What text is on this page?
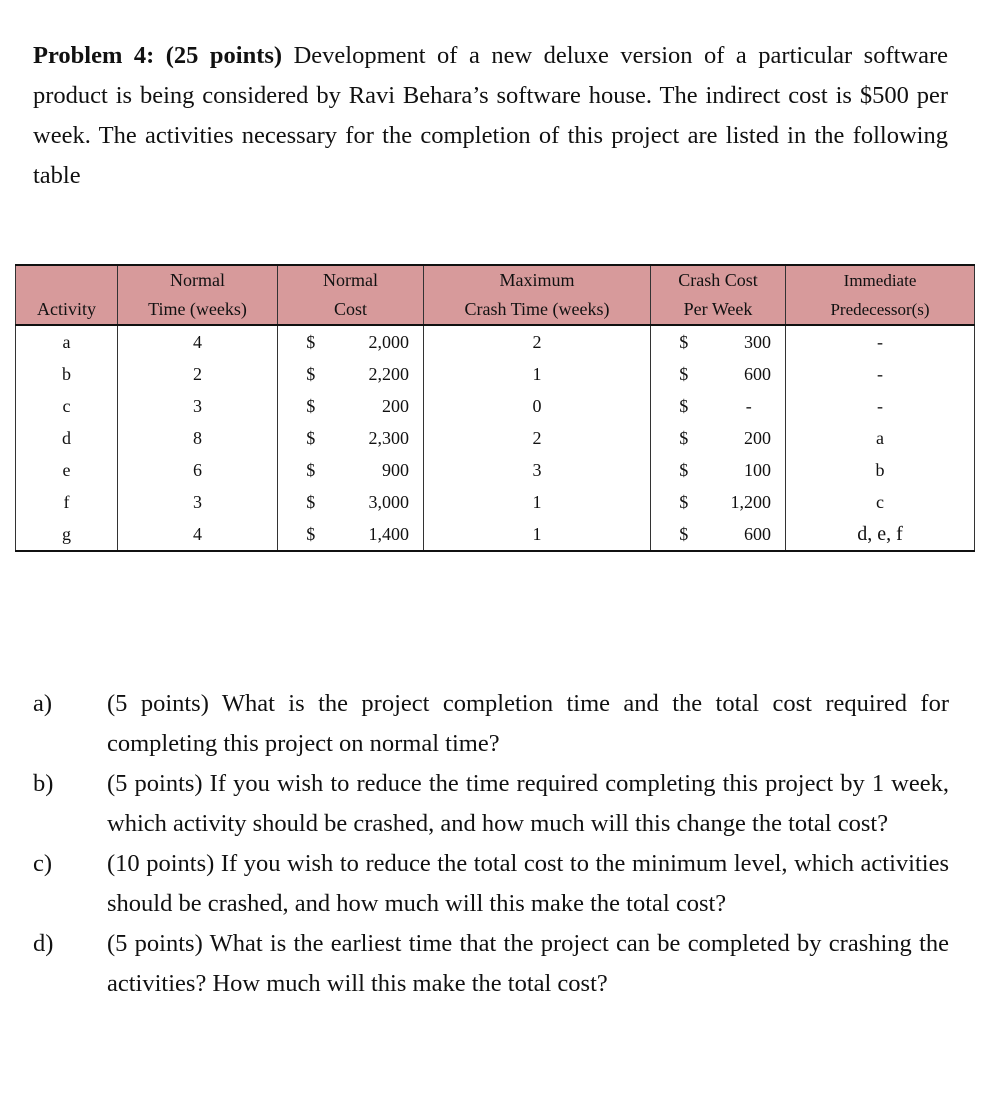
Problem 4: (25 points) Development of a new deluxe version of a particular software product is being considered by Ravi Behara’s software house. The indirect cost is $500 per week. The activities necessary for the completion of this project are listed in the following table

	Normal	Normal		Maximum	Crash Cost		Immediate
Activity	Time (weeks)	Cost		Crash Time (weeks)	Per Week		Predecessor(s)
a	4	$	2,000	2	$	300	-
b	2	$	2,200	1	$	600	-
c	3	$	200	0	$	-	-
d	8	$	2,300	2	$	200	a
e	6	$	900	3	$	100	b
f	3	$	3,000	1	$	1,200	c
g	4	$	1,400	1	$	600	d, e, f
a)	(5 points) What is the project completion time and the total cost required for completing this project on normal time?
b)	(5 points) If you wish to reduce the time required completing this project by 1 week, which activity should be crashed, and how much will this change the total cost?
c)	(10 points) If you wish to reduce the total cost to the minimum level, which activities should be crashed, and how much will this make the total cost?
d)	(5 points) What is the earliest time that the project can be completed by crashing the activities? How much will this make the total cost?
